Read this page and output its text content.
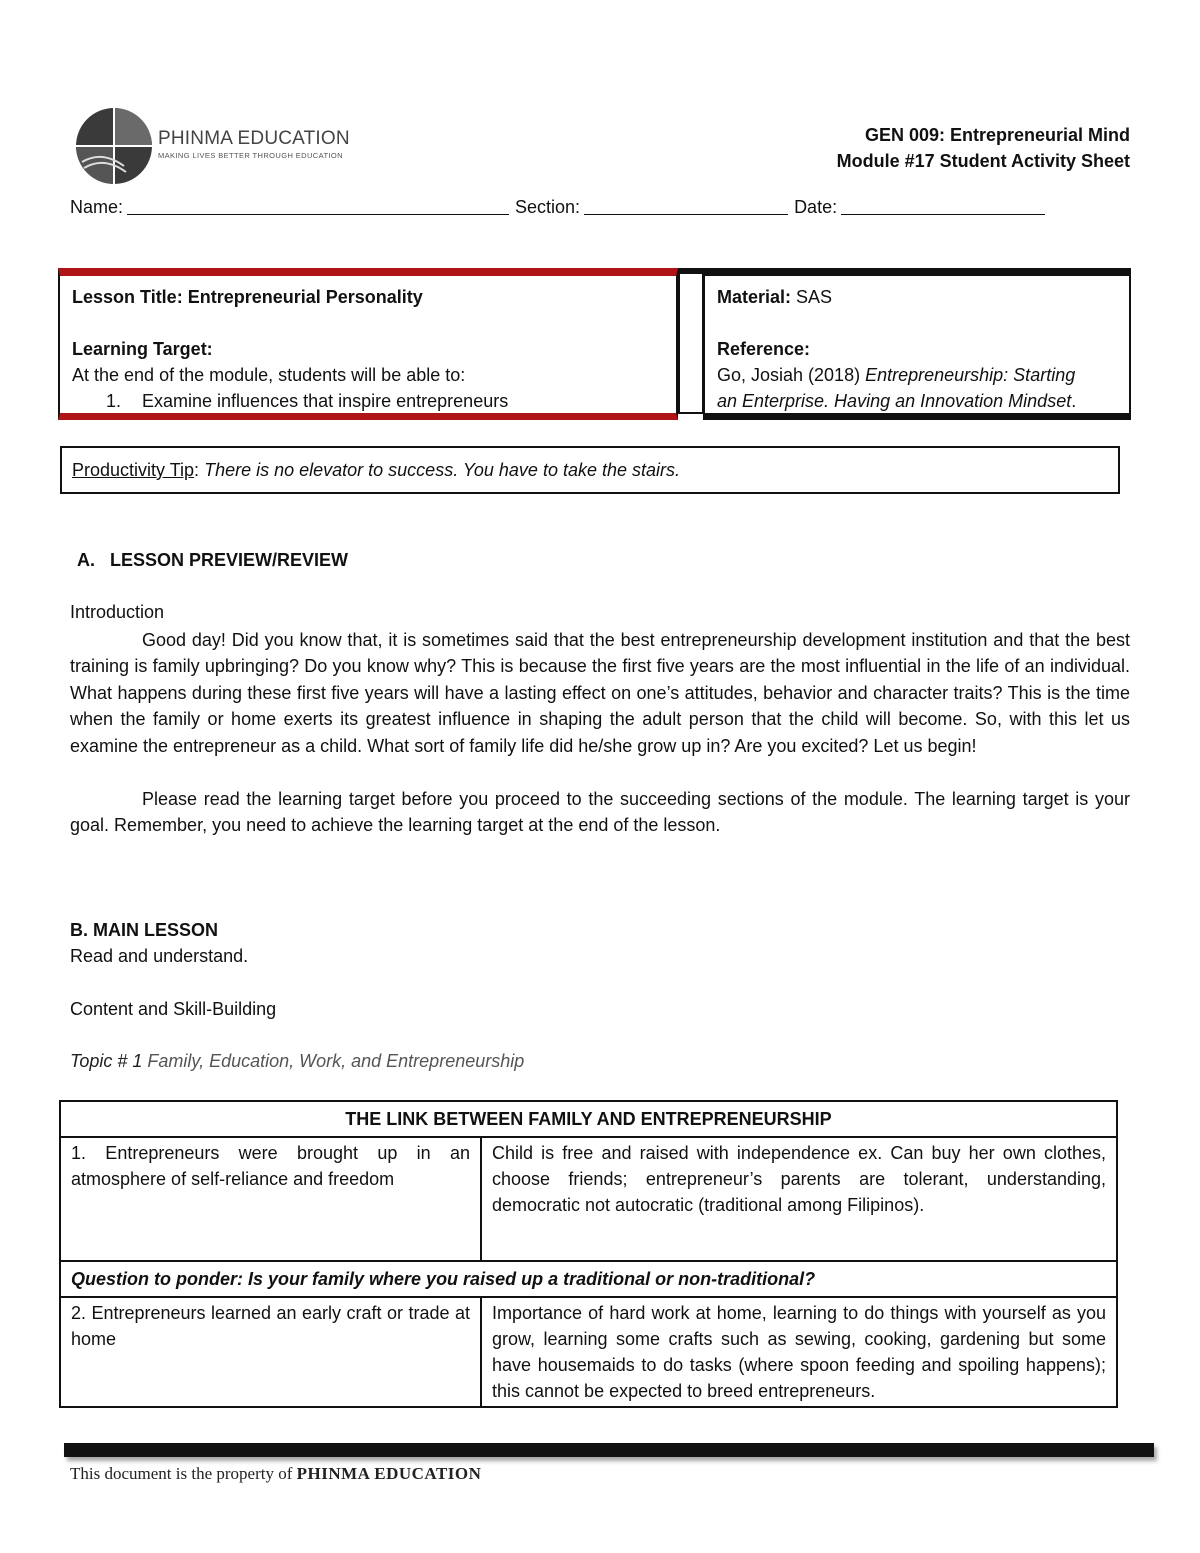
PHINMA EDUCATION
MAKING LIVES BETTER THROUGH EDUCATION
GEN 009: Entrepreneurial Mind
Module #17 Student Activity Sheet
Name:	Section:	Date:
Lesson Title: Entrepreneurial Personality
Learning Target:
At the end of the module, students will be able to:
1. Examine influences that inspire entrepreneurs
Material: SAS
Reference:
Go, Josiah (2018) Entrepreneurship: Starting
an Enterprise. Having an Innovation Mindset.
Productivity Tip: There is no elevator to success. You have to take the stairs.
A.   LESSON PREVIEW/REVIEW
Introduction
Good day! Did you know that, it is sometimes said that the best entrepreneurship development institution and that the best training is family upbringing? Do you know why? This is because the first five years are the most influential in the life of an individual. What happens during these first five years will have a lasting effect on one’s attitudes, behavior and character traits? This is the time when the family or home exerts its greatest influence in shaping the adult person that the child will become. So, with this let us examine the entrepreneur as a child. What sort of family life did he/she grow up in? Are you excited? Let us begin!
Please read the learning target before you proceed to the succeeding sections of the module. The learning target is your goal. Remember, you need to achieve the learning target at the end of the lesson.
B. MAIN LESSON
Read and understand.
Content and Skill-Building
Topic # 1 Family, Education, Work, and Entrepreneurship
THE LINK BETWEEN FAMILY AND ENTREPRENEURSHIP	
1. Entrepreneurs were brought up in an atmosphere of self-reliance and freedom	Child is free and raised with independence ex. Can buy her own clothes, choose friends; entrepreneur’s parents are tolerant, understanding, democratic not autocratic (traditional among Filipinos).
Question to ponder: Is your family where you raised up a traditional or non-traditional?	
2. Entrepreneurs learned an early craft or trade at home	Importance of hard work at home, learning to do things with yourself as you grow, learning some crafts such as sewing, cooking, gardening but some have housemaids to do tasks (where spoon feeding and spoiling happens); this cannot be expected to breed entrepreneurs.
This document is the property of PHINMA EDUCATION
